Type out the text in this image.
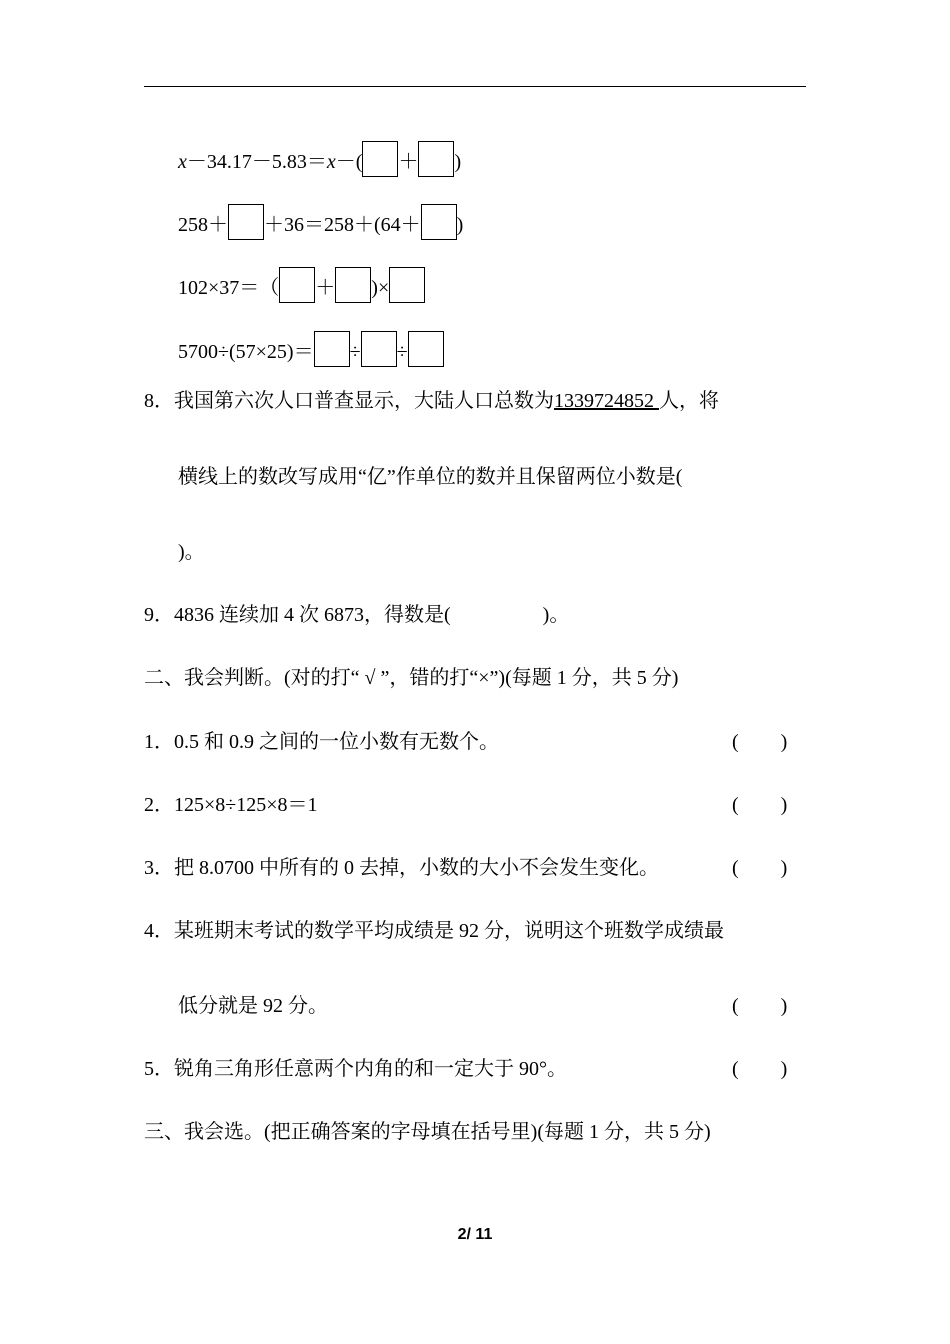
x－34.17－5.83＝x－( ＋ )
258＋ ＋36＝258＋(64＋ )
102×37＝（ ＋ )×
5700÷(57×25)＝ ÷ ÷
8．我国第六次人口普查显示，大陆人口总数为1339724852 人，将
横线上的数改写成用“亿”作单位的数并且保留两位小数是(
)。
9．4836 连续加 4 次 6873，得数是(	)。
二、我会判断。(对的打“ √ ”，错的打“×”)(每题 1 分，共 5 分)
1．0.5 和 0.9 之间的一位小数有无数个。	( )
2．125×8÷125×8＝1	( )
3．把 8.0700 中所有的 0 去掉，小数的大小不会发生变化。	( )
4．某班期末考试的数学平均成绩是 92 分，说明这个班数学成绩最
低分就是 92 分。	( )
5．锐角三角形任意两个内角的和一定大于 90°。	( )
三、我会选。(把正确答案的字母填在括号里)(每题 1 分，共 5 分)
2/ 11
